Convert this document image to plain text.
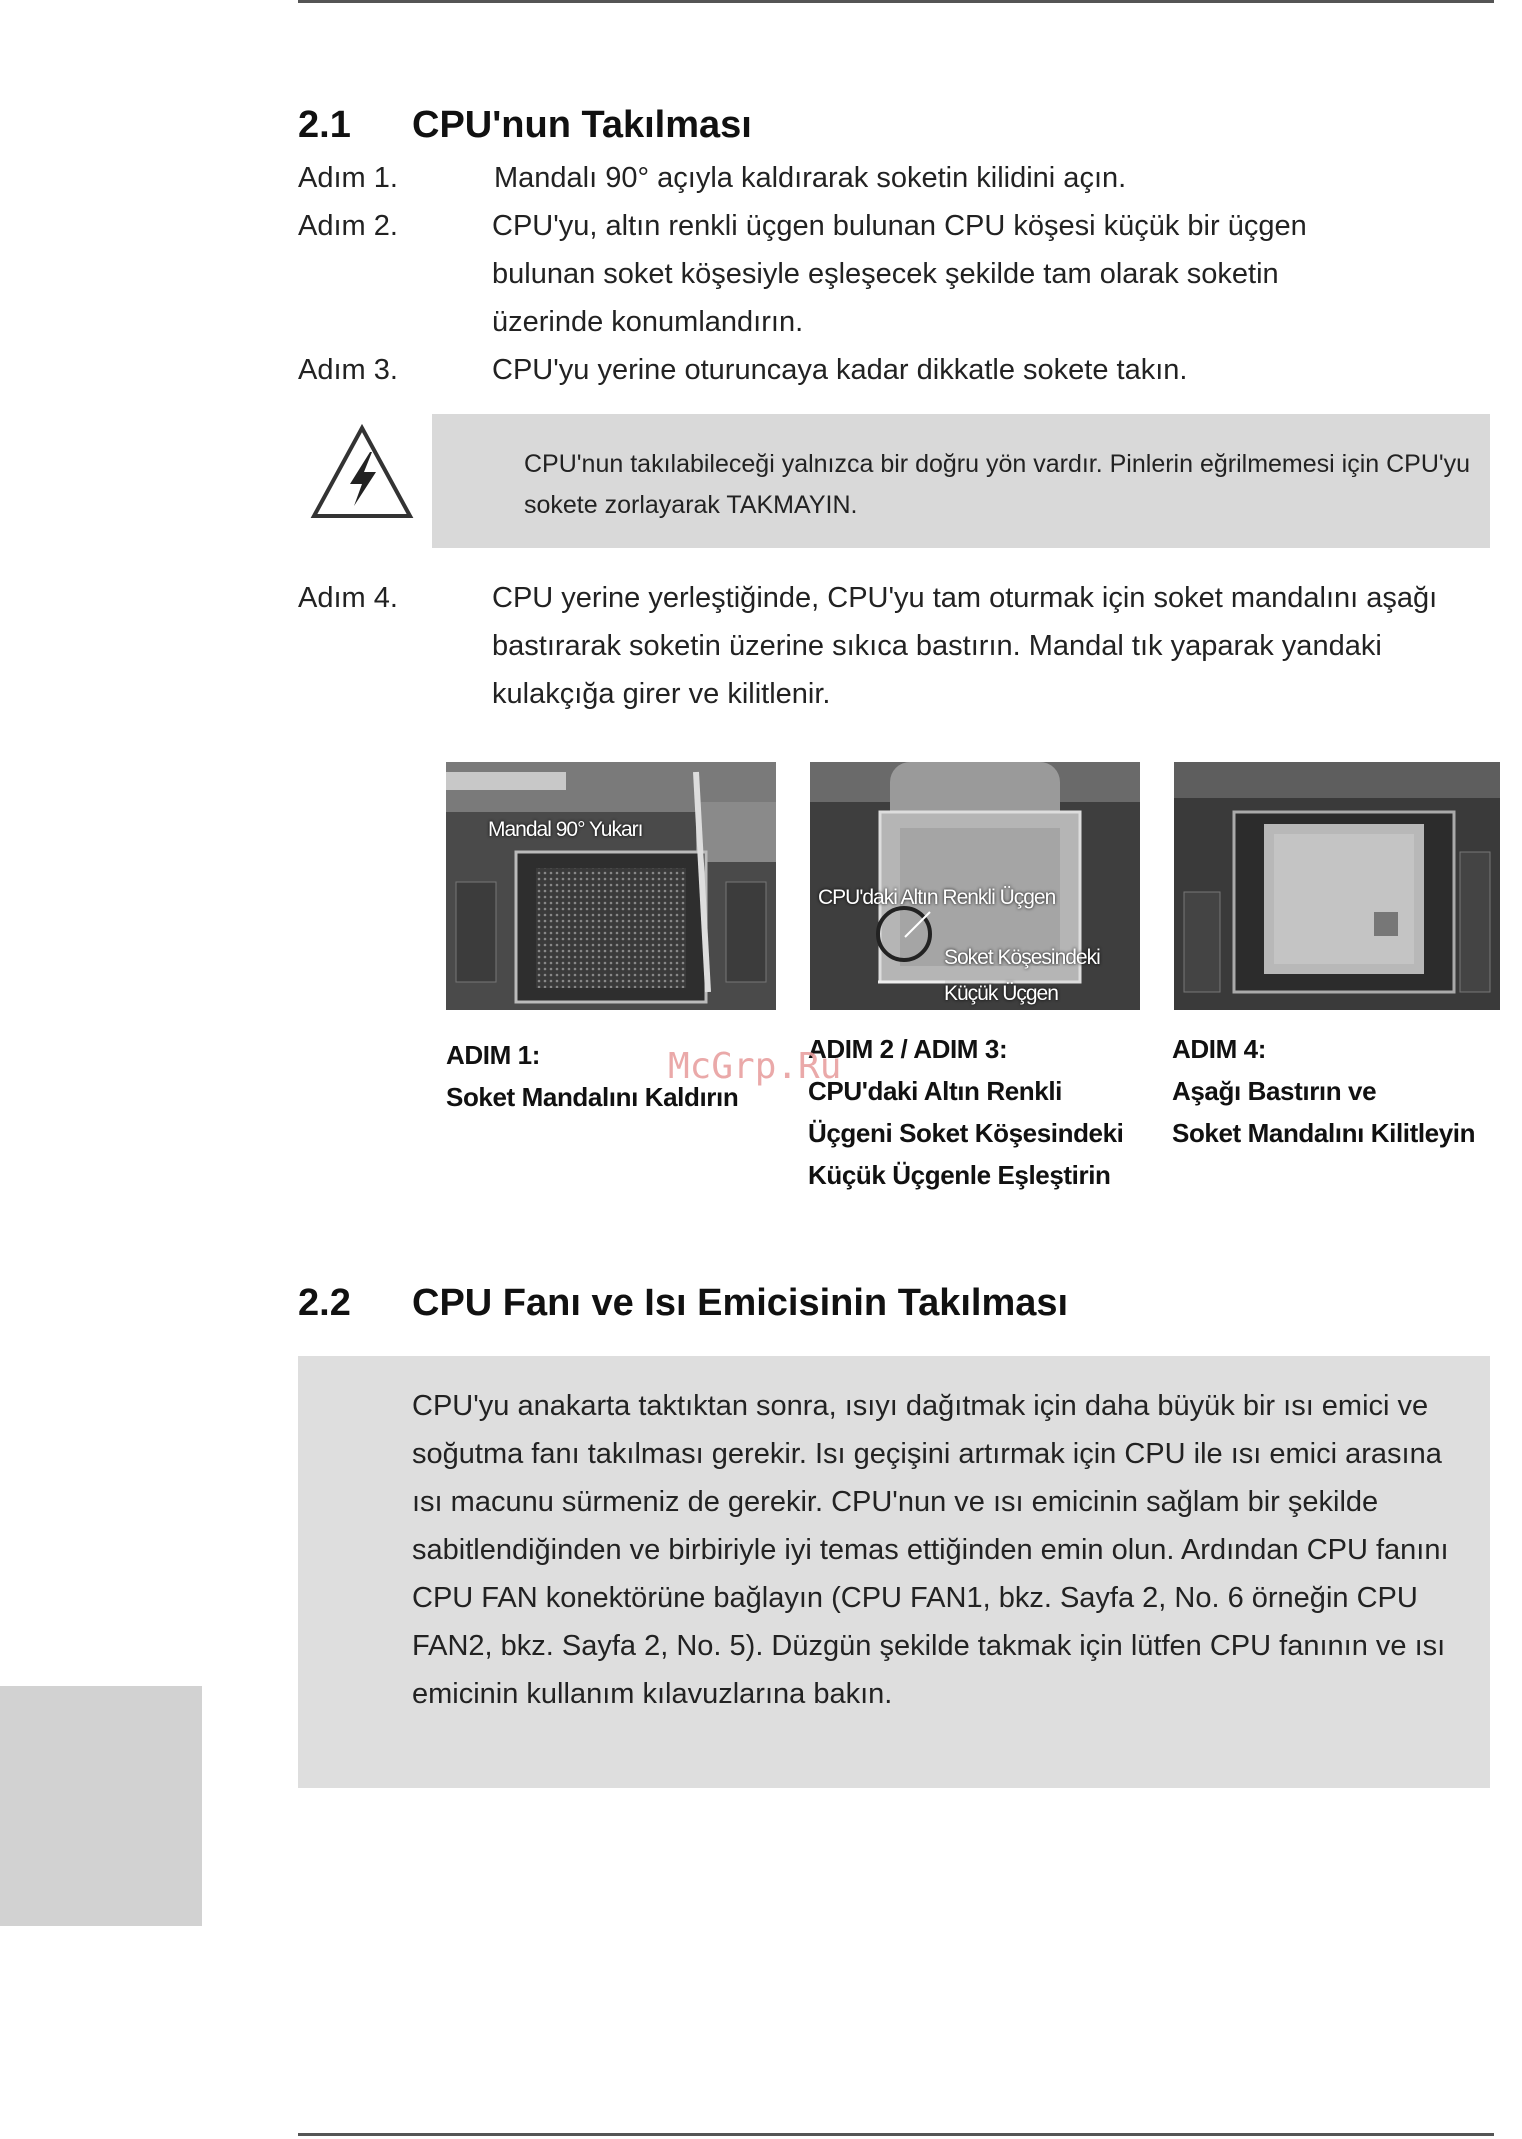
2.1 CPU'nun Takılması
Adım 1.	Mandalı 90° açıyla kaldırarak soketin kilidini açın.
Adım 2.	CPU'yu, altın renkli üçgen bulunan CPU köşesi küçük bir üçgen bulunan soket köşesiyle eşleşecek şekilde tam olarak soketin üzerinde konumlandırın.
Adım 3.	CPU'yu yerine oturuncaya kadar dikkatle sokete takın.
CPU'nun takılabileceği yalnızca bir doğru yön vardır. Pinlerin eğrilmemesi için CPU'yu sokete zorlayarak TAKMAYIN.
Adım 4.	CPU yerine yerleştiğinde, CPU'yu tam oturmak için soket mandalını aşağı bastırarak soketin üzerine sıkıca bastırın. Mandal tık yaparak yandaki kulakçığa girer ve kilitlenir.
Mandal 90° Yukarı
CPU'daki Altın Renkli Üçgen
Soket Köşesindeki
Küçük Üçgen
ADIM 1:
Soket Mandalını Kaldırın
ADIM 2 / ADIM 3:
CPU'daki Altın Renkli
Üçgeni Soket Köşesindeki
Küçük Üçgenle Eşleştirin
ADIM 4:
Aşağı Bastırın ve
Soket Mandalını Kilitleyin
McGrp.Ru
2.2 CPU Fanı ve Isı Emicisinin Takılması
CPU'yu anakarta taktıktan sonra, ısıyı dağıtmak için daha büyük bir ısı emici ve soğutma fanı takılması gerekir. Isı geçişini artırmak için CPU ile ısı emici arasına ısı macunu sürmeniz de gerekir. CPU'nun ve ısı emicinin sağlam bir şekilde sabitlendiğinden ve birbiriyle iyi temas ettiğinden emin olun. Ardından CPU fanını CPU FAN konektörüne bağlayın (CPU FAN1, bkz. Sayfa 2, No. 6 örneğin CPU FAN2, bkz. Sayfa 2, No. 5). Düzgün şekilde takmak için lütfen CPU fanının ve ısı emicinin kullanım kılavuzlarına bakın.
